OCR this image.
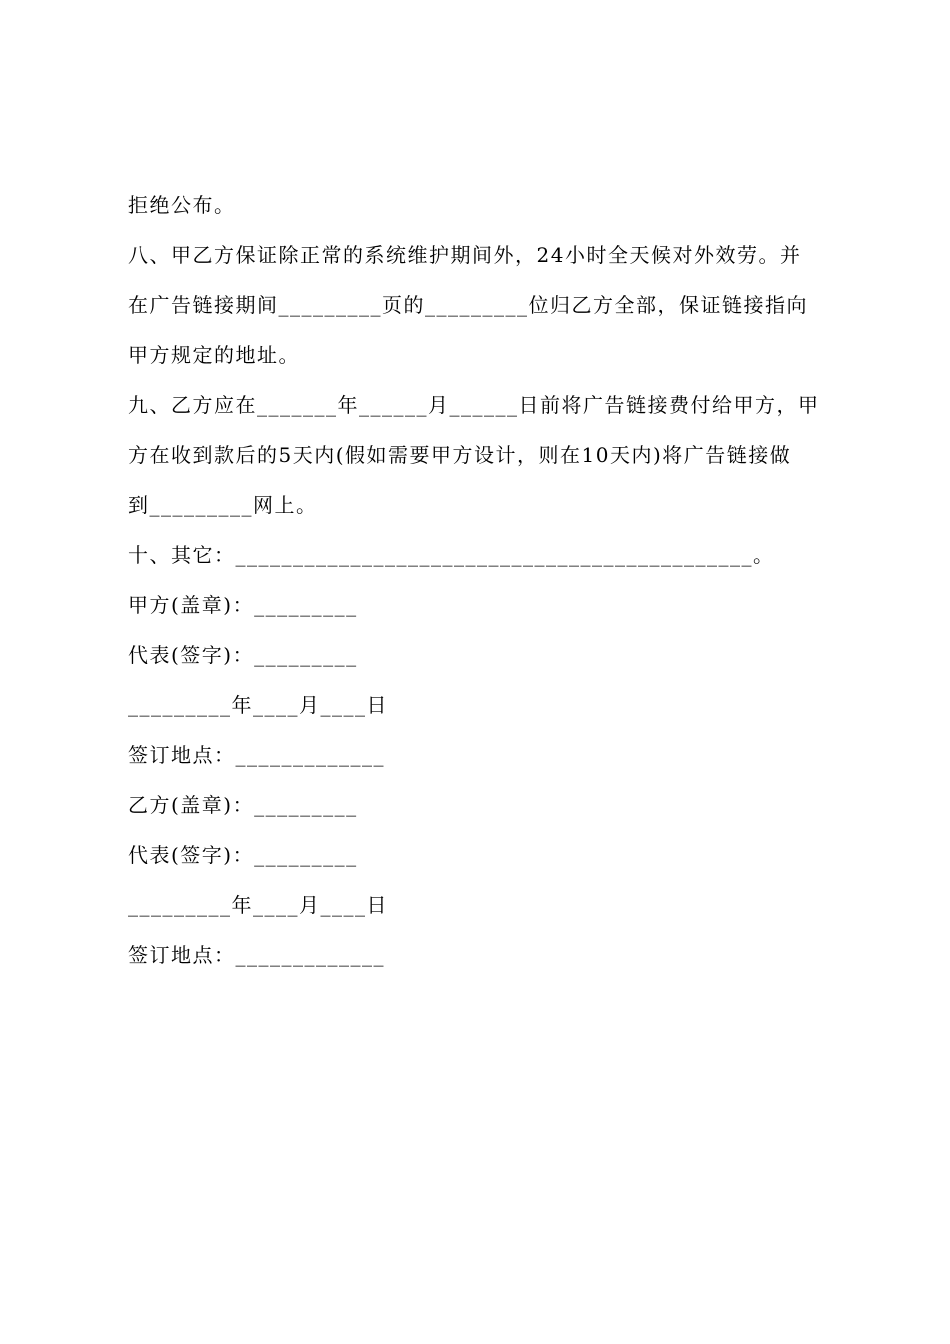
拒绝公布。
八、甲乙方保证除正常的系统维护期间外，24小时全天候对外效劳。并
在广告链接期间_________页的_________位归乙方全部，保证链接指向
甲方规定的地址。
九、乙方应在_______年______月______日前将广告链接费付给甲方，甲
方在收到款后的5天内(假如需要甲方设计，则在10天内)将广告链接做
到_________网上。
十、其它：_____________________________________________。
甲方(盖章)：_________
代表(签字)：_________
_________年____月____日
签订地点：_____________
乙方(盖章)：_________
代表(签字)：_________
_________年____月____日
签订地点：_____________
